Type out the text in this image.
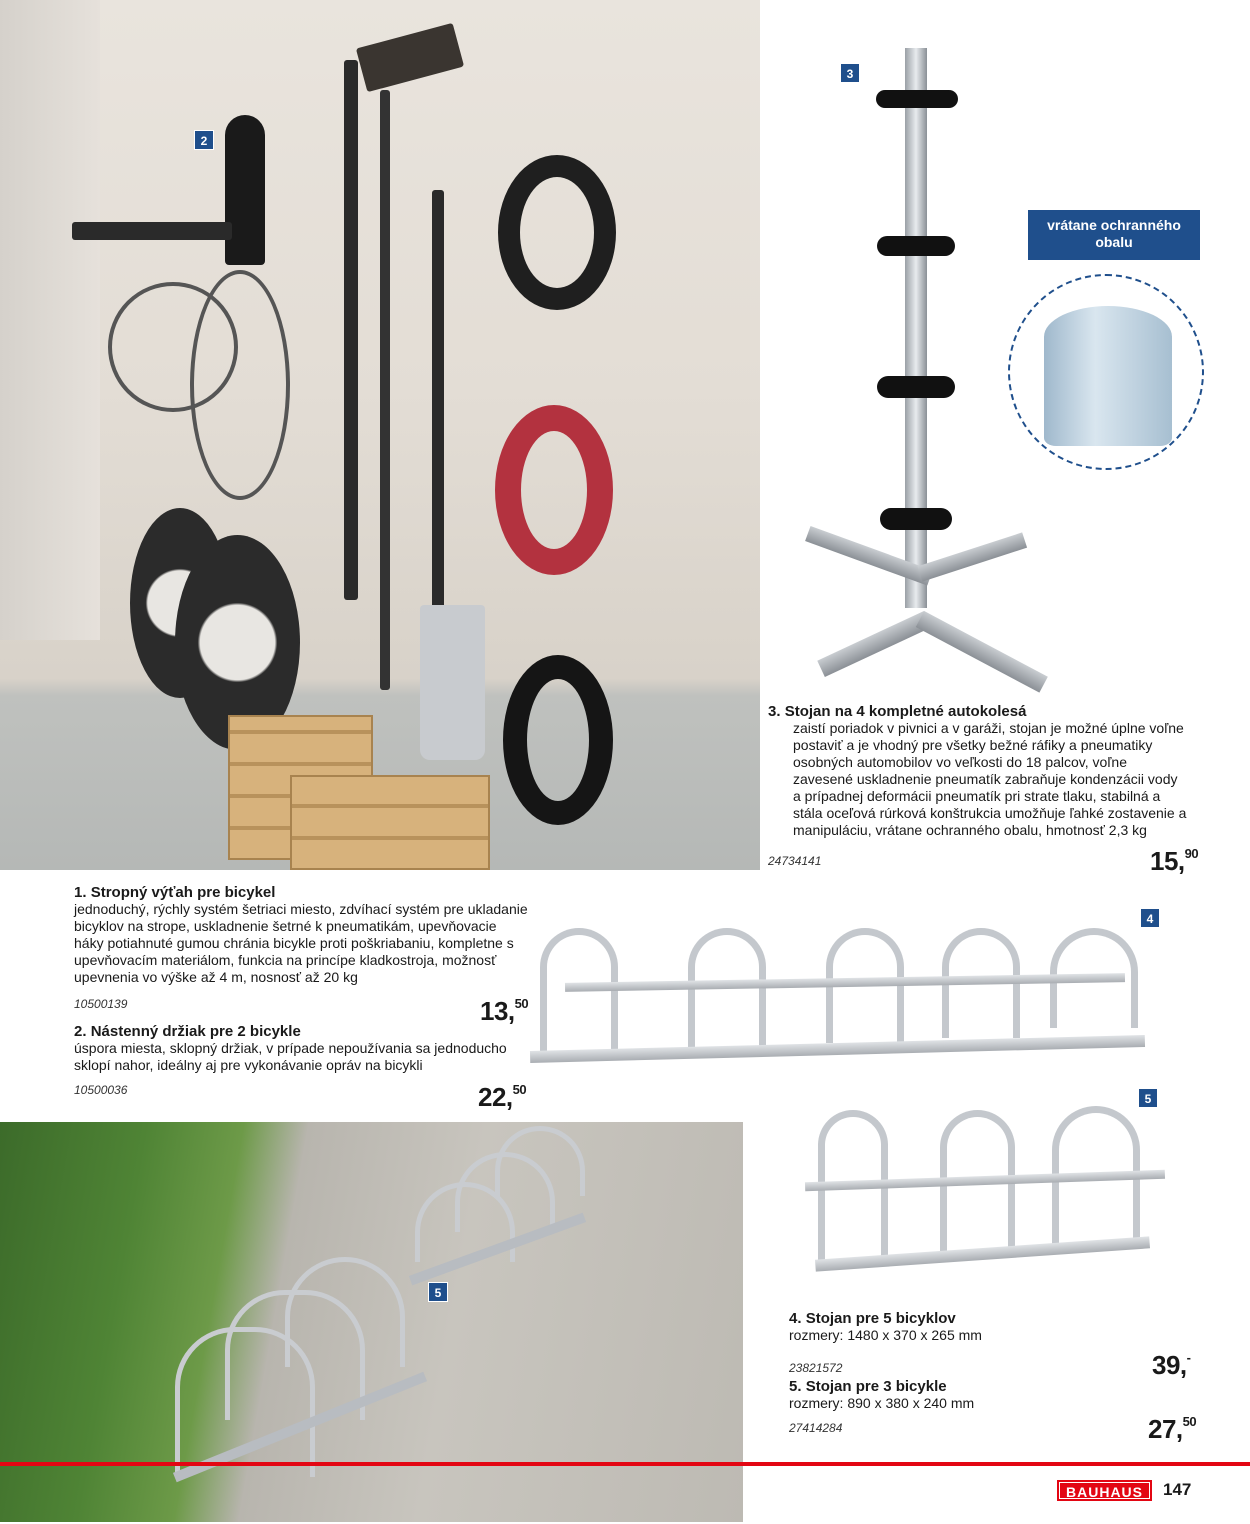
2
3
vrátane ochranného
obalu
3. Stojan na 4 kompletné autokolesá
zaistí poriadok v pivnici a v garáži, stojan je možné úplne voľne postaviť a je vhodný pre všetky bežné ráfiky a pneumatiky osobných automobilov vo veľkosti do 18 palcov, voľne zavesené uskladnenie pneumatík zabraňuje kondenzácii vody a prípadnej deformácii pneumatík pri strate tlaku, stabilná a stála oceľová rúrková konštrukcia umožňuje ľahké zostavenie a manipuláciu, vrátane ochranného obalu, hmotnosť 2,3 kg
24734141	15,90
1. Stropný výťah pre bicykel
jednoduchý, rýchly systém šetriaci miesto, zdvíhací systém pre ukladanie bicyklov na strope, uskladnenie šetrné k pneumatikám, upevňovacie háky potiahnuté gumou chránia bicykle proti poškriabaniu, kompletne s upevňovacím materiálom, funkcia na princípe kladkostroja, možnosť upevnenia vo výške až 4 m, nosnosť až 20 kg
10500139	13,50
2. Nástenný držiak pre 2 bicykle
úspora miesta, sklopný držiak, v prípade nepoužívania sa jednoducho sklopí nahor, ideálny aj pre vykonávanie opráv na bicykli
10500036	22,50
4
5
5
4. Stojan pre 5 bicyklov
rozmery: 1480 x 370 x 265 mm
23821572	39,-
5. Stojan pre 3 bicykle
rozmery: 890 x 380 x 240 mm
27414284	27,50
BAUHAUS	147
